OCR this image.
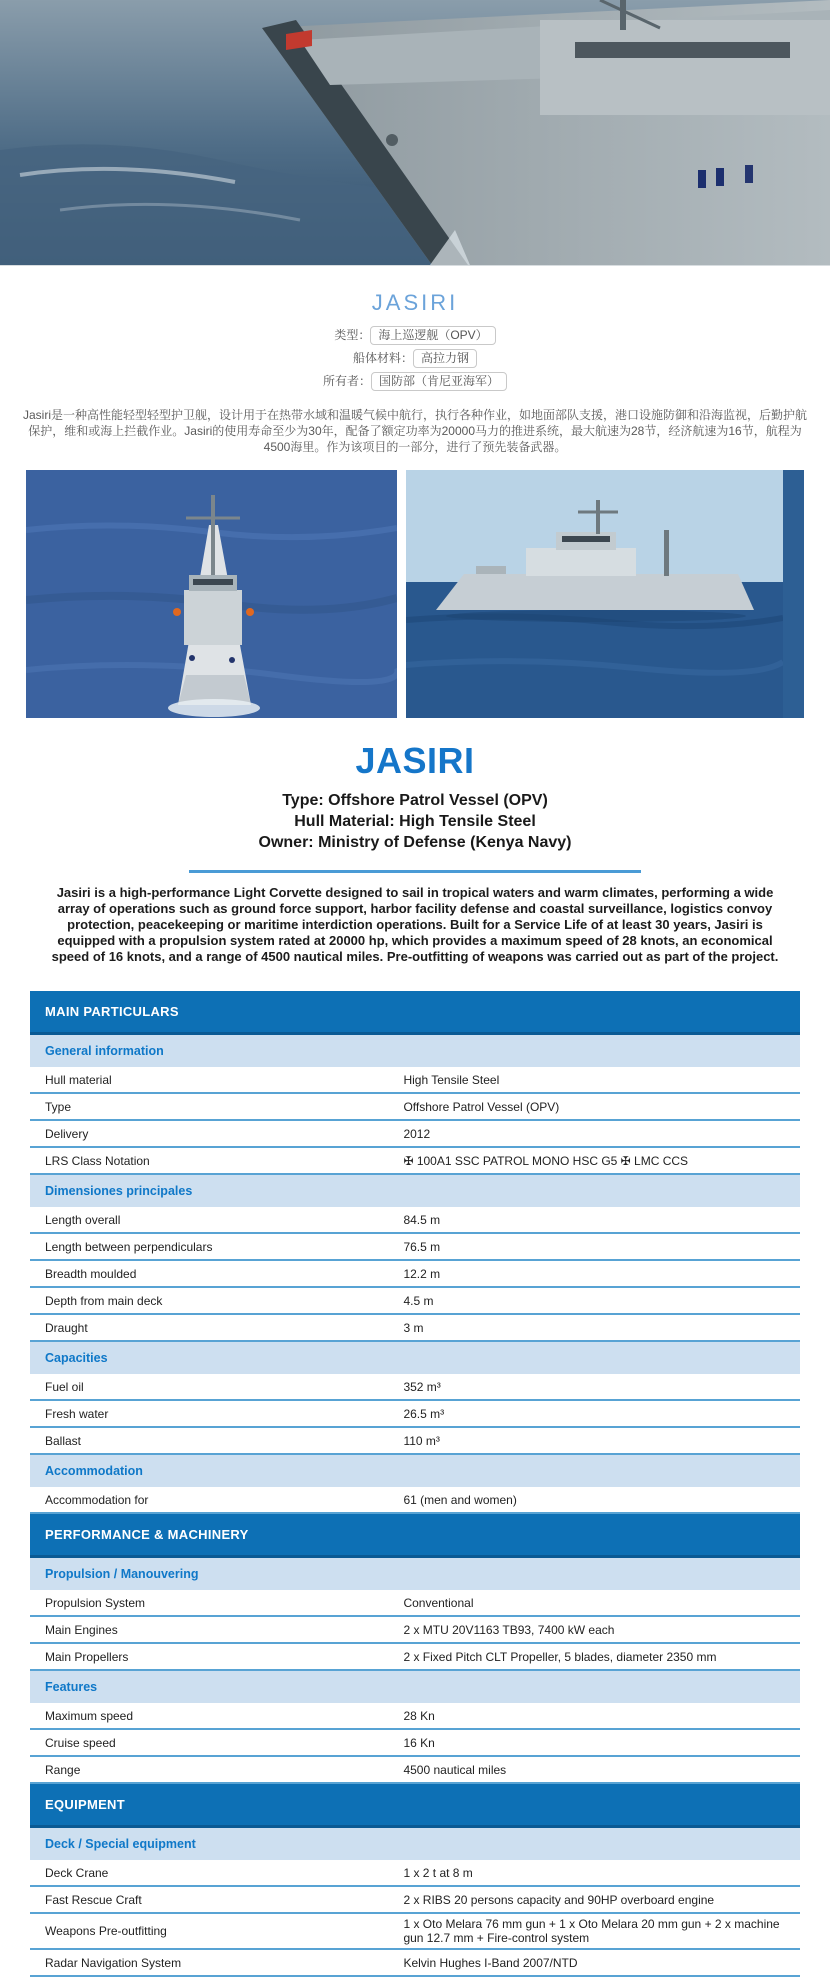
JASIRI
类型： 海上巡逻舰（OPV）
船体材料： 高拉力钢
所有者： 国防部（肯尼亚海军）
Jasiri是一种高性能轻型轻型护卫舰，设计用于在热带水域和温暖气候中航行，执行各种作业，如地面部队支援，港口设施防御和沿海监视，后勤护航保护，维和或海上拦截作业。Jasiri的使用寿命至少为30年，配备了额定功率为20000马力的推进系统，最大航速为28节，经济航速为16节，航程为4500海里。作为该项目的一部分，进行了预先装备武器。
JASIRI
Type: Offshore Patrol Vessel (OPV)
Hull Material: High Tensile Steel
Owner: Ministry of Defense (Kenya Navy)
Jasiri is a high-performance Light Corvette designed to sail in tropical waters and warm climates, performing a wide array of operations such as ground force support, harbor facility defense and coastal surveillance, logistics convoy protection, peacekeeping or maritime interdiction operations. Built for a Service Life of at least 30 years, Jasiri is equipped with a propulsion system rated at 20000 hp, which provides a maximum speed of 28 knots, an economical speed of 16 knots, and a range of 4500 nautical miles. Pre-outfitting of weapons was carried out as part of the project.
MAIN PARTICULARS
General information
Hull material	High Tensile Steel
Type	Offshore Patrol Vessel (OPV)
Delivery	2012
LRS Class Notation	✠ 100A1 SSC PATROL MONO HSC G5 ✠ LMC CCS
Dimensiones principales
Length overall	84.5 m
Length between perpendiculars	76.5 m
Breadth moulded	12.2 m
Depth from main deck	4.5 m
Draught	3 m
Capacities
Fuel oil	352 m³
Fresh water	26.5 m³
Ballast	110 m³
Accommodation
Accommodation for	61 (men and women)
PERFORMANCE & MACHINERY
Propulsion / Manouvering
Propulsion System	Conventional
Main Engines	2 x MTU 20V1163 TB93, 7400 kW each
Main Propellers	2 x Fixed Pitch CLT Propeller, 5 blades, diameter 2350 mm
Features
Maximum speed	28 Kn
Cruise speed	16 Kn
Range	4500 nautical miles
EQUIPMENT
Deck / Special equipment
Deck Crane	1 x 2 t at 8 m
Fast Rescue Craft	2 x RIBS 20 persons capacity and 90HP overboard engine
Weapons Pre-outfitting	1 x Oto Melara 76 mm gun + 1 x Oto Melara 20 mm gun + 2 x machine gun 12.7 mm + Fire-control system
Radar Navigation System	Kelvin Hughes I-Band 2007/NTD
